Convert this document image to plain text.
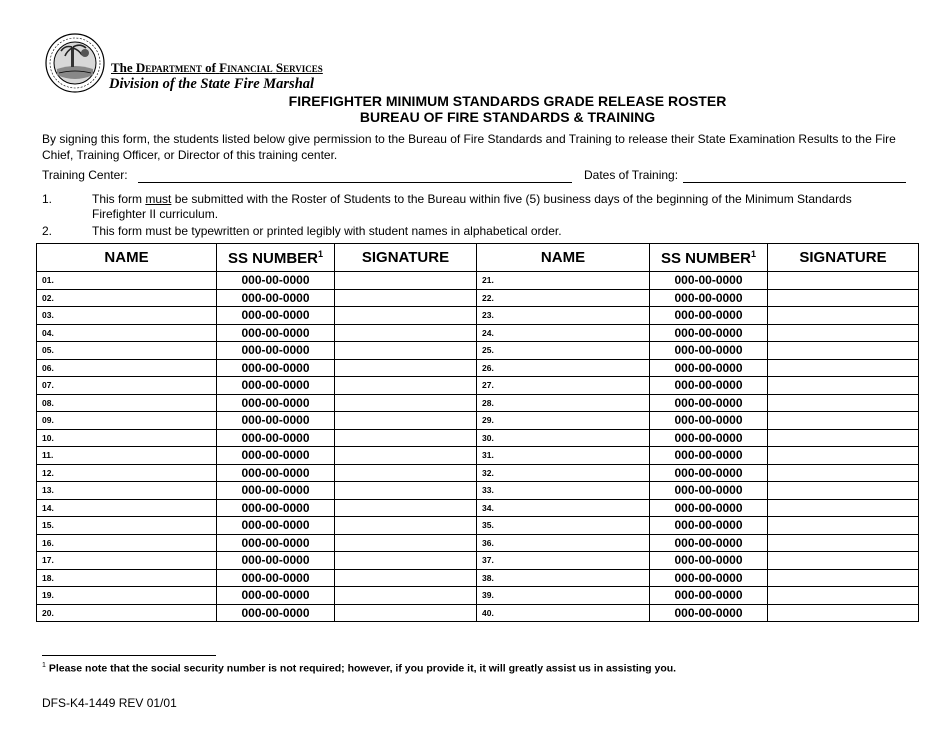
The Department of Financial Services
Division of the State Fire Marshal
FIREFIGHTER MINIMUM STANDARDS GRADE RELEASE ROSTER
BUREAU OF FIRE STANDARDS & TRAINING
By signing this form, the students listed below give permission to the Bureau of Fire Standards and Training to release their State Examination Results to the Fire Chief, Training Officer, or Director of this training center.
Training Center:	Dates of Training:
1.	This form must be submitted with the Roster of Students to the Bureau within five (5) business days of the beginning of the Minimum Standards Firefighter II curriculum.
2.	This form must be typewritten or printed legibly with student names in alphabetical order.
NAME	SS NUMBER$^1$	SIGNATURE	NAME	SS NUMBER$^1$	SIGNATURE
01.	000-00-0000		21.	000-00-0000	
02.	000-00-0000		22.	000-00-0000	
03.	000-00-0000		23.	000-00-0000	
04.	000-00-0000		24.	000-00-0000	
05.	000-00-0000		25.	000-00-0000	
06.	000-00-0000		26.	000-00-0000	
07.	000-00-0000		27.	000-00-0000	
08.	000-00-0000		28.	000-00-0000	
09.	000-00-0000		29.	000-00-0000	
10.	000-00-0000		30.	000-00-0000	
11.	000-00-0000		31.	000-00-0000	
12.	000-00-0000		32.	000-00-0000	
13.	000-00-0000		33.	000-00-0000	
14.	000-00-0000		34.	000-00-0000	
15.	000-00-0000		35.	000-00-0000	
16.	000-00-0000		36.	000-00-0000	
17.	000-00-0000		37.	000-00-0000	
18.	000-00-0000		38.	000-00-0000	
19.	000-00-0000		39.	000-00-0000	
20.	000-00-0000		40.	000-00-0000	
$^1$ Please note that the social security number is not required; however, if you provide it, it will greatly assist us in assisting you.
DFS-K4-1449 REV 01/01
